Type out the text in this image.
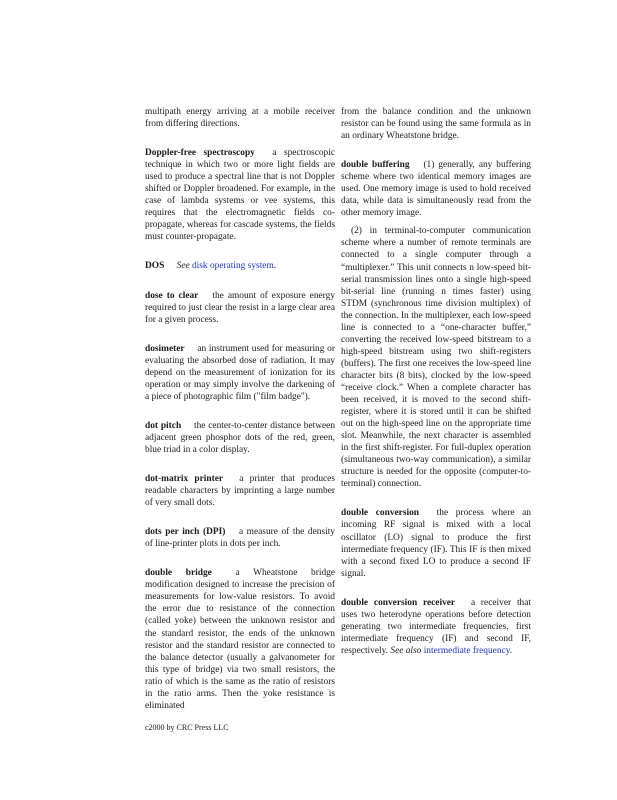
multipath energy arriving at a mobile receiver from differing directions.

Doppler-free spectroscopy a spectroscopic technique in which two or more light fields are used to produce a spectral line that is not Doppler shifted or Doppler broadened. For example, in the case of lambda systems or vee systems, this requires that the electromagnetic fields co-propagate, whereas for cascade systems, the fields must counter-propagate.

DOS See disk operating system.

dose to clear the amount of exposure energy required to just clear the resist in a large clear area for a given process.

dosimeter an instrument used for measuring or evaluating the absorbed dose of radiation. It may depend on the measurement of ionization for its operation or may simply involve the darkening of a piece of photographic film ("film badge").

dot pitch the center-to-center distance between adjacent green phosphor dots of the red, green, blue triad in a color display.

dot-matrix printer a printer that produces readable characters by imprinting a large number of very small dots.

dots per inch (DPI) a measure of the density of line-printer plots in dots per inch.

double bridge	a Wheatstone bridge modification designed to increase the precision of measurements for low-value resistors. To avoid the error due to resistance of the connection (called yoke) between the unknown resistor and the standard resistor, the ends of the unknown resistor and the standard resistor are connected to the balance detector (usually a galvanometer for this type of bridge) via two small resistors, the ratio of which is the same as the ratio of resistors in the ratio arms. Then the yoke resistance is eliminated

from the balance condition and the unknown resistor can be found using the same formula as in an ordinary Wheatstone bridge.

double buffering (1) generally, any buffering scheme where two identical memory images are used. One memory image is used to hold received data, while data is simultaneously read from the other memory image.

(2) in terminal-to-computer communication scheme where a number of remote terminals are connected to a single computer through a “multiplexer.” This unit connects n low-speed bit-serial transmission lines onto a single high-speed bit-serial line (running n times faster) using STDM (synchronous time division multiplex) of the connection. In the multiplexer, each low-speed line is connected to a “one-character buffer,” converting the received low-speed bitstream to a high-speed bitstream using two shift-registers (buffers). The first one receives the low-speed line character bits (8 bits), clocked by the low-speed “receive clock.” When a complete character has been received, it is moved to the second shift-register, where it is stored until it can be shifted out on the high-speed line on the appropriate time slot. Meanwhile, the next character is assembled in the first shift-register. For full-duplex operation (simultaneous two-way communication), a similar structure is needed for the opposite (computer-to-terminal) connection.

double conversion the process where an incoming RF signal is mixed with a local oscillator (LO) signal to produce the first intermediate frequency (IF). This IF is then mixed with a second fixed LO to produce a second IF signal.

double conversion receiver a receiver that uses two heterodyne operations before detection generating two intermediate frequencies, first intermediate frequency (IF) and second IF, respectively. See also intermediate frequency.

c2000 by CRC Press LLC
